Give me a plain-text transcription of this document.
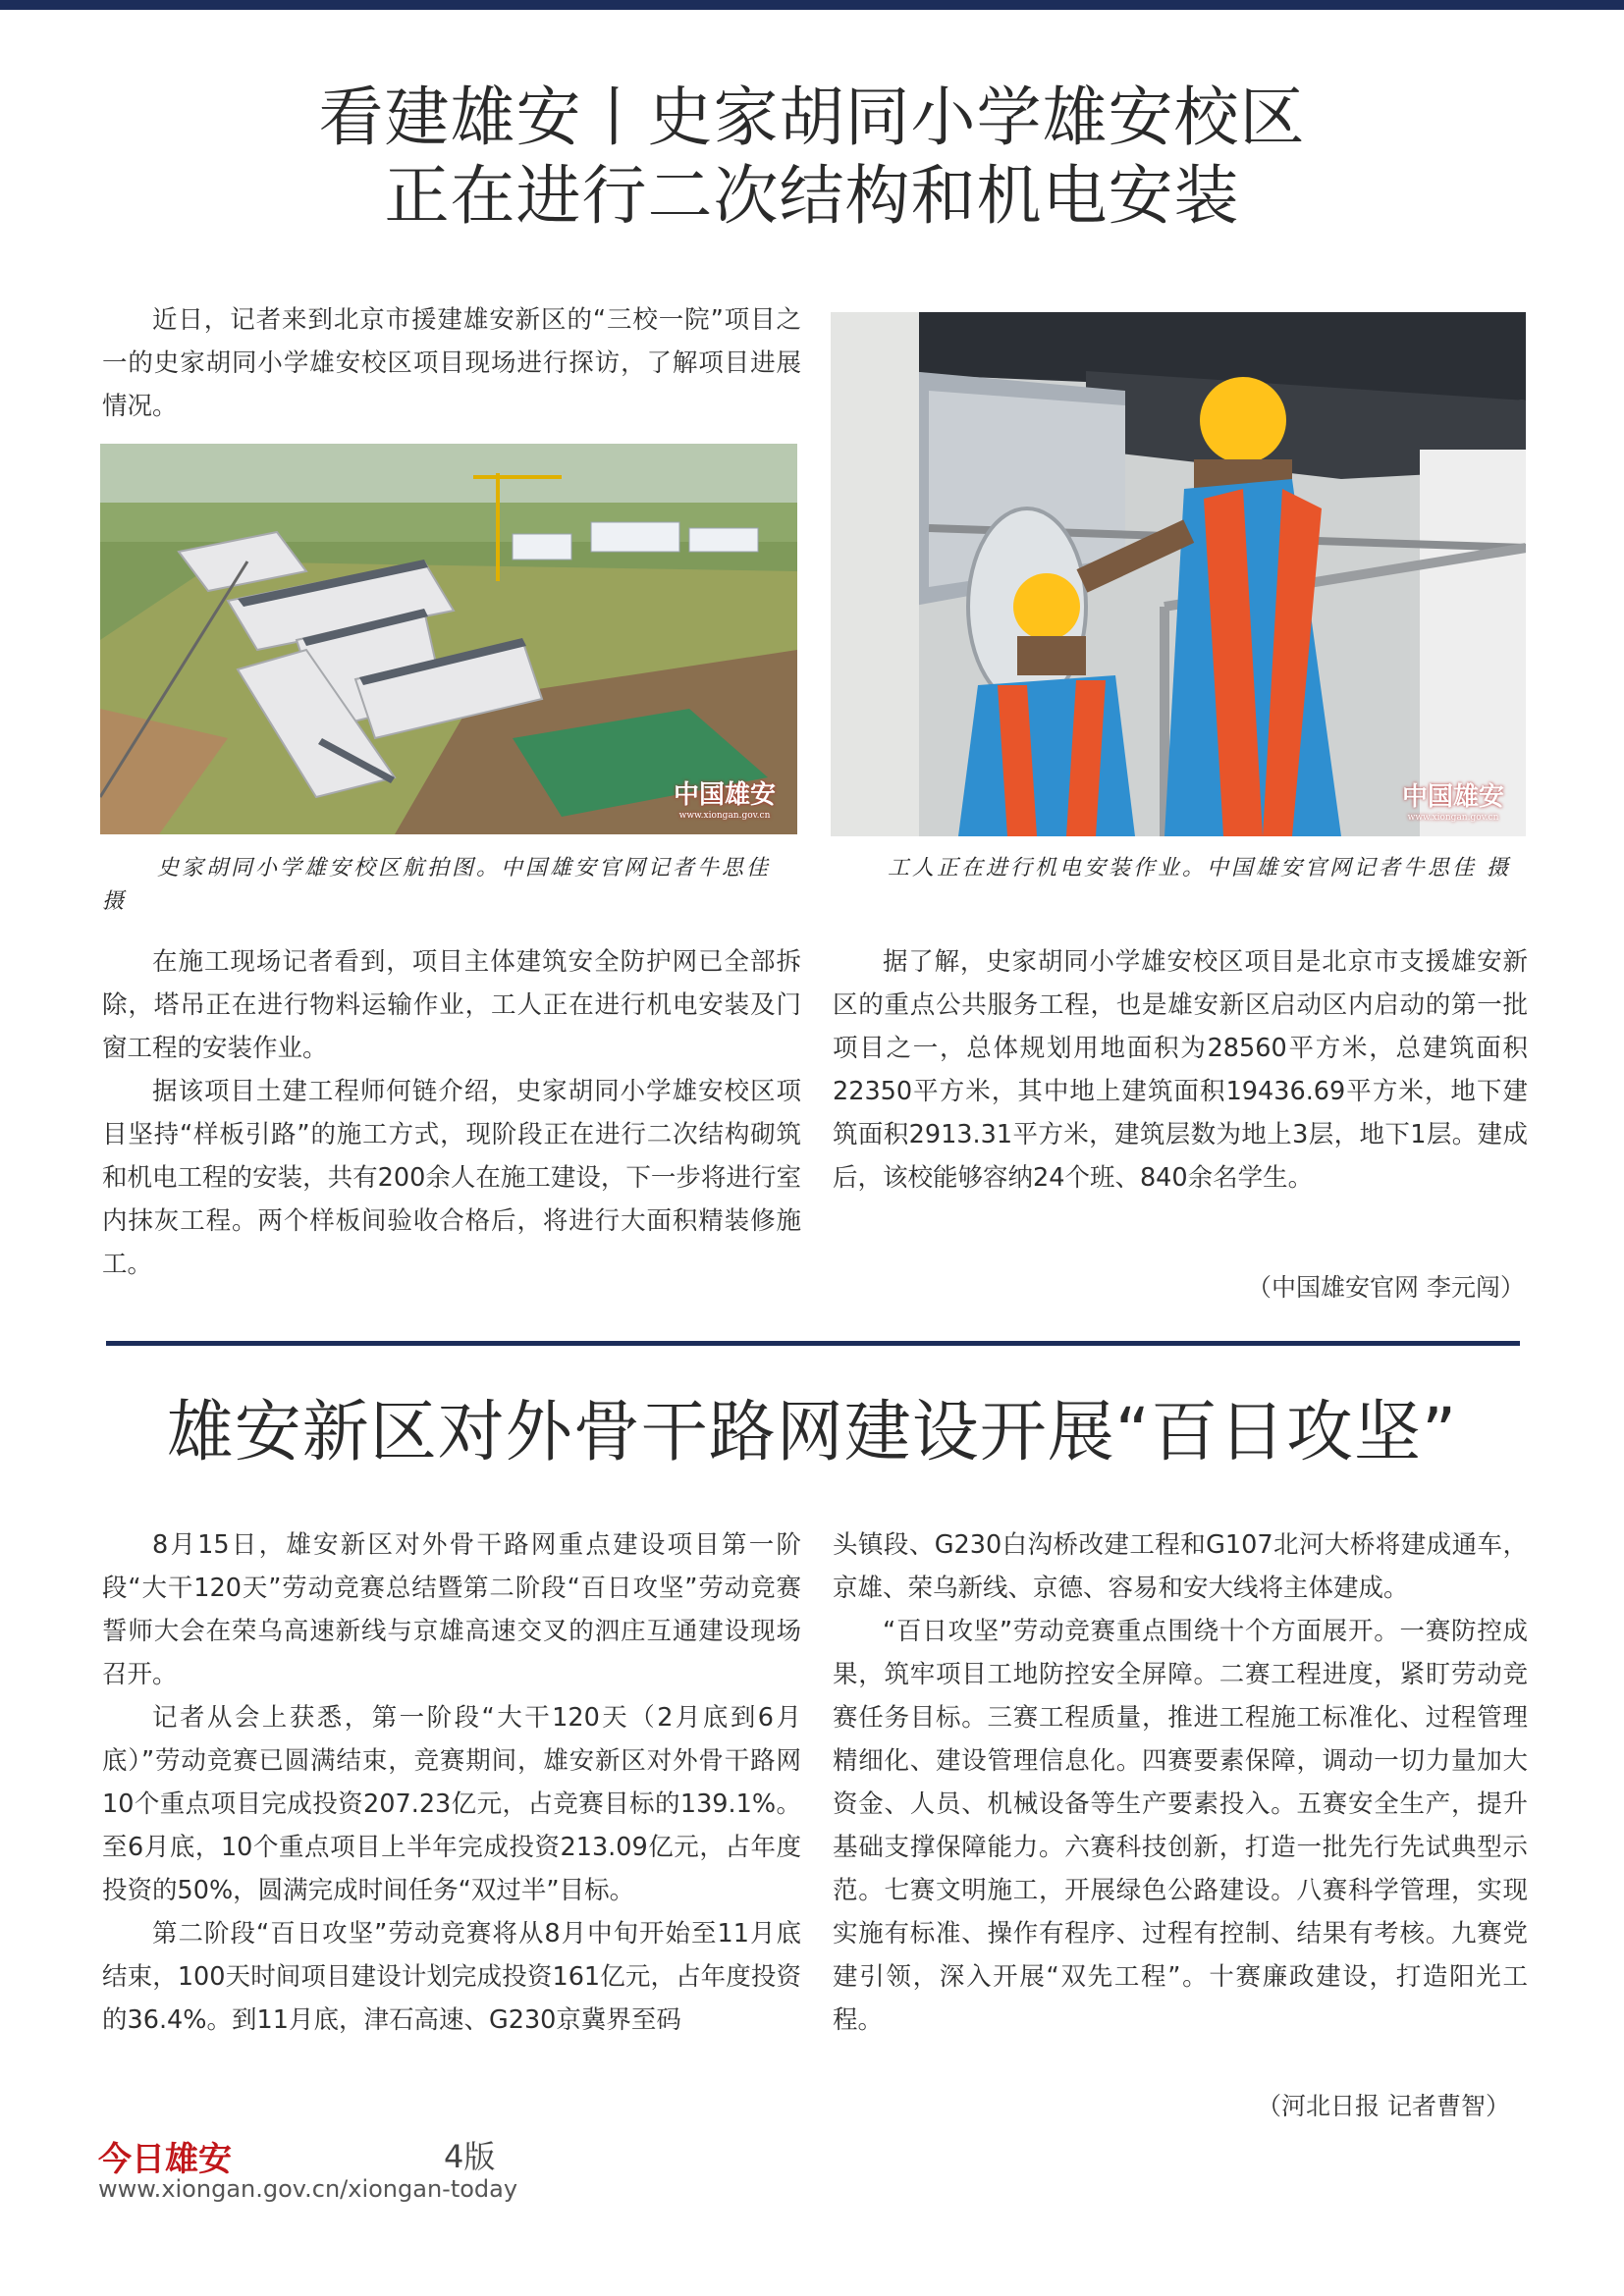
看建雄安丨史家胡同小学雄安校区
正在进行二次结构和机电安装

近日，记者来到北京市援建雄安新区的“三校一院”项目之一的史家胡同小学雄安校区项目现场进行探访，了解项目进展情况。

中国雄安
www.xiongan.gov.cn
史家胡同小学雄安校区航拍图。中国雄安官网记者牛思佳 摄
中国雄安
www.xiongan.gov.cn
工人正在进行机电安装作业。中国雄安官网记者牛思佳 摄

在施工现场记者看到，项目主体建筑安全防护网已全部拆除，塔吊正在进行物料运输作业，工人正在进行机电安装及门窗工程的安装作业。

据该项目土建工程师何链介绍，史家胡同小学雄安校区项目坚持“样板引路”的施工方式，现阶段正在进行二次结构砌筑和机电工程的安装，共有200余人在施工建设，下一步将进行室内抹灰工程。两个样板间验收合格后，将进行大面积精装修施工。

据了解，史家胡同小学雄安校区项目是北京市支援雄安新区的重点公共服务工程，也是雄安新区启动区内启动的第一批项目之一，总体规划用地面积为28560平方米，总建筑面积22350平方米，其中地上建筑面积19436.69平方米，地下建筑面积2913.31平方米，建筑层数为地上3层，地下1层。建成后，该校能够容纳24个班、840余名学生。

（中国雄安官网 李元闯）
雄安新区对外骨干路网建设开展“百日攻坚”

8月15日，雄安新区对外骨干路网重点建设项目第一阶段“大干120天”劳动竞赛总结暨第二阶段“百日攻坚”劳动竞赛誓师大会在荣乌高速新线与京雄高速交叉的泗庄互通建设现场召开。

记者从会上获悉，第一阶段“大干120天（2月底到6月底）”劳动竞赛已圆满结束，竞赛期间，雄安新区对外骨干路网10个重点项目完成投资207.23亿元，占竞赛目标的139.1%。至6月底，10个重点项目上半年完成投资213.09亿元，占年度投资的50%，圆满完成时间任务“双过半”目标。

第二阶段“百日攻坚”劳动竞赛将从8月中旬开始至11月底结束，100天时间项目建设计划完成投资161亿元，占年度投资的36.4%。到11月底，津石高速、G230京冀界至码

头镇段、G230白沟桥改建工程和G107北河大桥将建成通车，京雄、荣乌新线、京德、容易和安大线将主体建成。

“百日攻坚”劳动竞赛重点围绕十个方面展开。一赛防控成果，筑牢项目工地防控安全屏障。二赛工程进度，紧盯劳动竞赛任务目标。三赛工程质量，推进工程施工标准化、过程管理精细化、建设管理信息化。四赛要素保障，调动一切力量加大资金、人员、机械设备等生产要素投入。五赛安全生产，提升基础支撑保障能力。六赛科技创新，打造一批先行先试典型示范。七赛文明施工，开展绿色公路建设。八赛科学管理，实现实施有标准、操作有程序、过程有控制、结果有考核。九赛党建引领，深入开展“双先工程”。十赛廉政建设，打造阳光工程。

（河北日报 记者曹智）
今日雄安	4版
www.xiongan.gov.cn/xiongan-today
